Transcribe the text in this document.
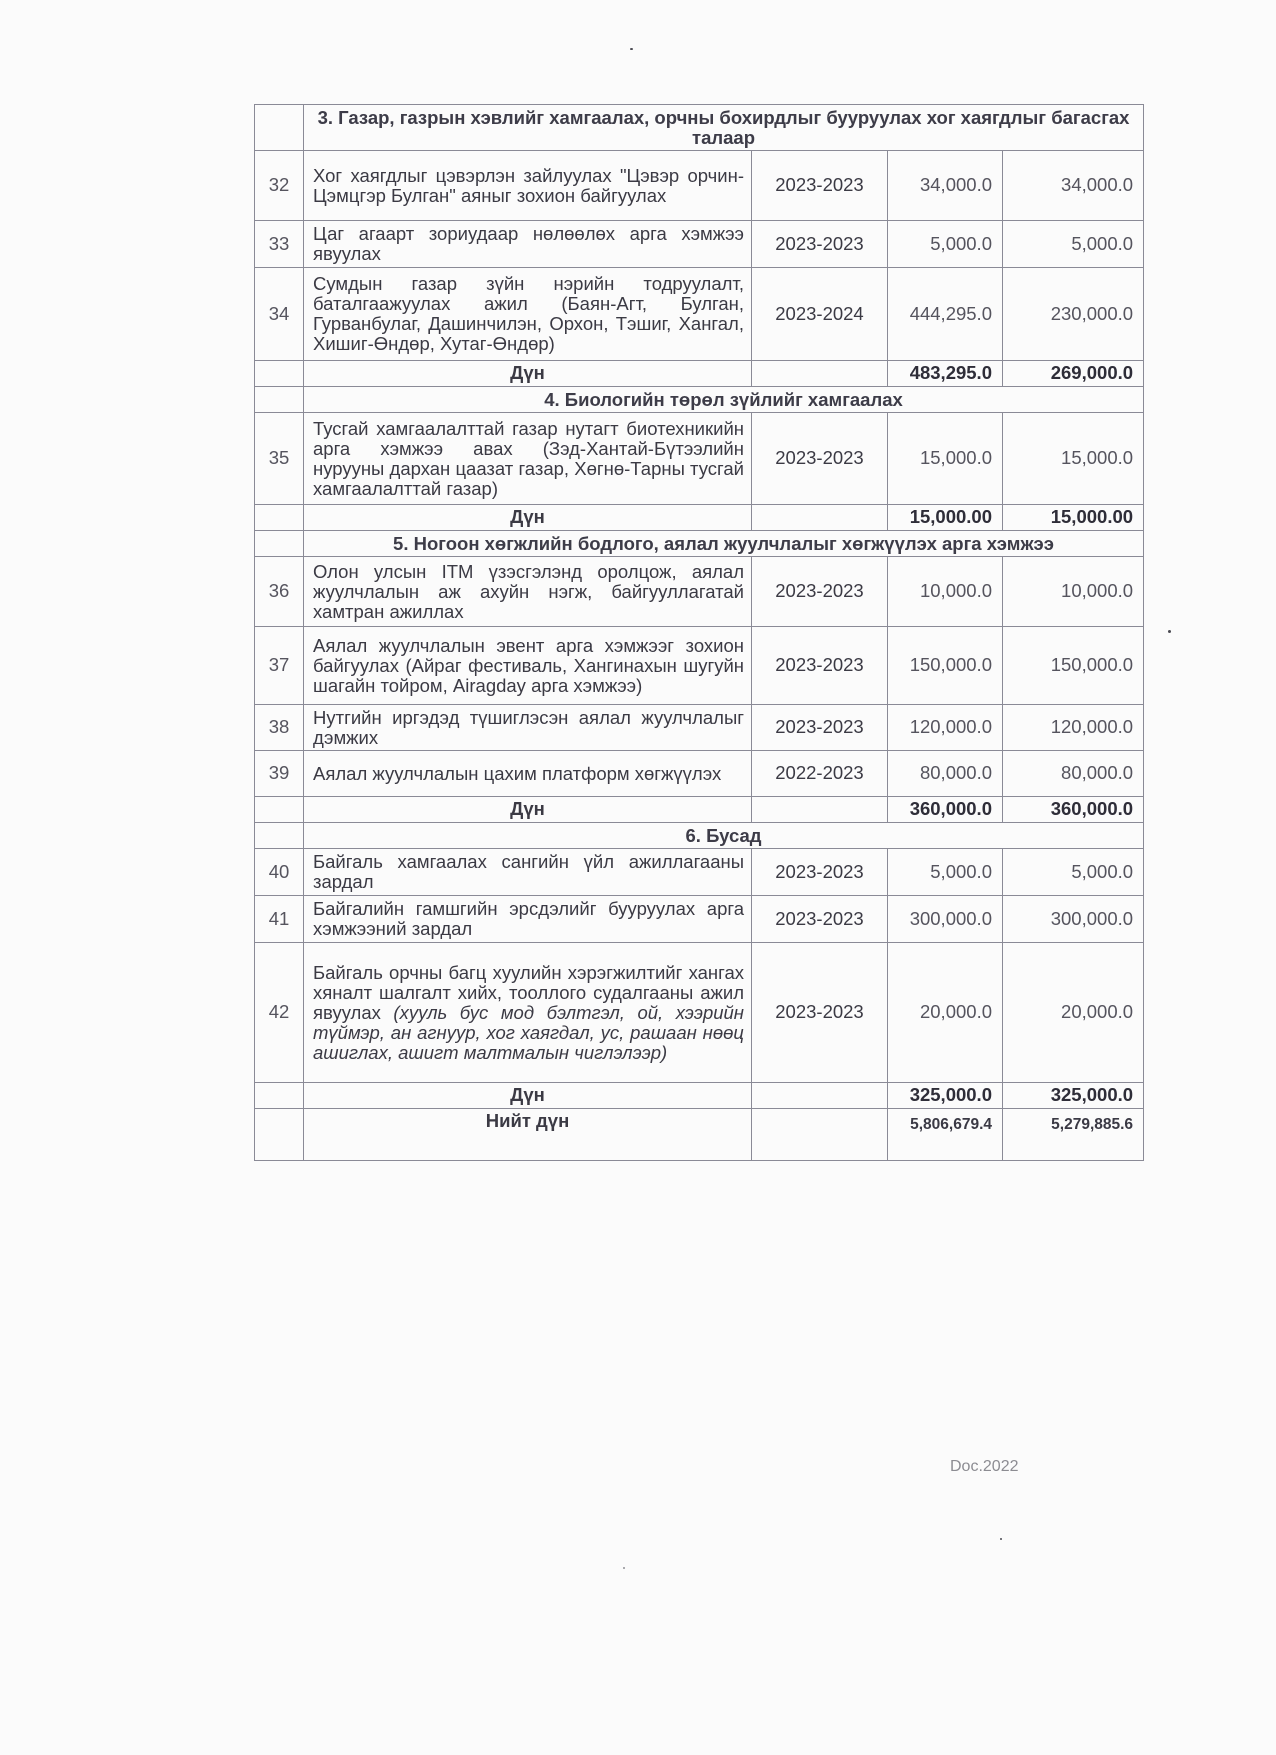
	3. Газар, газрын хэвлийг хамгаалах, орчны бохирдлыг бууруулах хог хаягдлыг багасгах талаар			
32	Хог хаягдлыг цэвэрлэн зайлуулах "Цэвэр орчин-Цэмцгэр Булган" аяныг зохион байгуулах	2023-2023	34,000.0	34,000.0
33	Цаг агаарт зориудаар нөлөөлөх арга хэмжээ явуулах	2023-2023	5,000.0	5,000.0
34	Сумдын газар зүйн нэрийн тодруулалт, баталгаажуулах ажил (Баян-Агт, Булган, Гурванбулаг, Дашинчилэн, Орхон, Тэшиг, Хангал, Хишиг-Өндөр, Хутаг-Өндөр)	2023-2024	444,295.0	230,000.0
	Дүн		483,295.0	269,000.0
	4. Биологийн төрөл зүйлийг хамгаалах			
35	Тусгай хамгаалалттай газар нутагт биотехникийн арга хэмжээ авах (Зэд-Хантай-Бүтээлийн нурууны дархан цаазат газар, Хөгнө-Тарны тусгай хамгаалалттай газар)	2023-2023	15,000.0	15,000.0
	Дүн		15,000.00	15,000.00
	5. Ногоон хөгжлийн бодлого, аялал жуулчлалыг хөгжүүлэх арга хэмжээ			
36	Олон улсын ITM үзэсгэлэнд оролцож, аялал жуулчлалын аж ахуйн нэгж, байгууллагатай хамтран ажиллах	2023-2023	10,000.0	10,000.0
37	Аялал жуулчлалын эвент арга хэмжээг зохион байгуулах (Айраг фестиваль, Хангинахын шугуйн шагайн тойром, Airagday арга хэмжээ)	2023-2023	150,000.0	150,000.0
38	Нутгийн иргэдэд түшиглэсэн аялал жуулчлалыг дэмжих	2023-2023	120,000.0	120,000.0
39	Аялал жуулчлалын цахим платформ хөгжүүлэх	2022-2023	80,000.0	80,000.0
	Дүн		360,000.0	360,000.0
	6. Бусад			
40	Байгаль хамгаалах сангийн үйл ажиллагааны зардал	2023-2023	5,000.0	5,000.0
41	Байгалийн гамшгийн эрсдэлийг бууруулах арга хэмжээний зардал	2023-2023	300,000.0	300,000.0
42	Байгаль орчны багц хуулийн хэрэгжилтийг хангах хяналт шалгалт хийх, тооллого судалгааны ажил явуулах (хууль бус мод бэлтгэл, ой, хээрийн түймэр, ан агнуур, хог хаягдал, ус, рашаан нөөц ашиглах, ашигт малтмалын чиглэлээр)	2023-2023	20,000.0	20,000.0
	Дүн		325,000.0	325,000.0
	Нийт дүн		5,806,679.4	5,279,885.6
Doc.2022
